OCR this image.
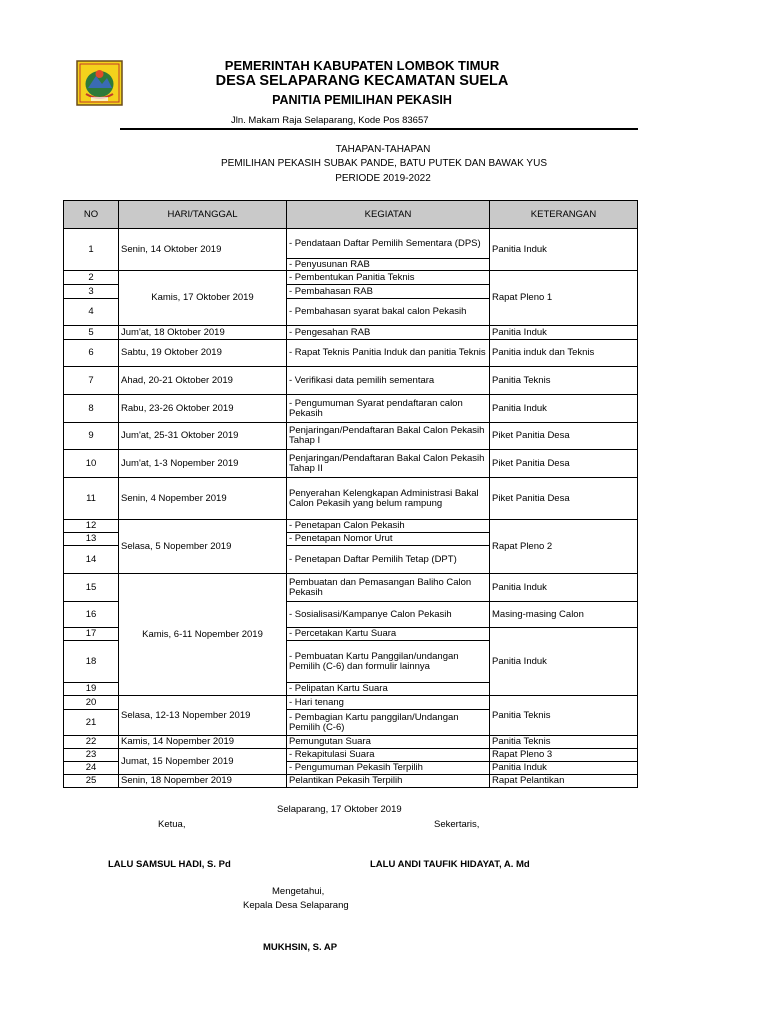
PEMERINTAH KABUPATEN LOMBOK TIMUR
DESA SELAPARANG KECAMATAN SUELA
PANITIA PEMILIHAN PEKASIH
Jln. Makam Raja Selaparang, Kode Pos 83657
TAHAPAN-TAHAPAN
PEMILIHAN PEKASIH SUBAK PANDE, BATU PUTEK DAN BAWAK YUS
PERIODE 2019-2022
NO	HARI/TANGGAL	KEGIATAN	KETERANGAN
1	Senin, 14 Oktober 2019	- Pendataan Daftar Pemilih Sementara (DPS)	Panitia Induk
		- Penyusunan RAB	
2	Kamis, 17 Oktober 2019	- Pembentukan Panitia Teknis	Rapat Pleno 1
3		- Pembahasan RAB	
4		- Pembahasan syarat bakal calon Pekasih	
5	Jum'at, 18 Oktober 2019	- Pengesahan RAB	Panitia Induk
6	Sabtu, 19 Oktober 2019	- Rapat Teknis Panitia Induk dan panitia Teknis	Panitia induk dan Teknis
7	Ahad, 20-21 Oktober 2019	- Verifikasi data pemilih sementara	Panitia Teknis
8	Rabu, 23-26 Oktober 2019	- Pengumuman Syarat pendaftaran calon Pekasih	Panitia Induk
9	Jum'at, 25-31 Oktober 2019	Penjaringan/Pendaftaran Bakal Calon Pekasih Tahap I	Piket Panitia Desa
10	Jum'at, 1-3 Nopember 2019	Penjaringan/Pendaftaran Bakal Calon Pekasih Tahap II	Piket Panitia Desa
11	Senin, 4 Nopember 2019	Penyerahan Kelengkapan Administrasi Bakal Calon Pekasih yang belum rampung	Piket Panitia Desa
12	Selasa, 5 Nopember 2019	- Penetapan Calon Pekasih	Rapat Pleno 2
13		- Penetapan Nomor Urut	
14		- Penetapan Daftar Pemilih Tetap (DPT)	
15	Kamis, 6-11 Nopember 2019	Pembuatan dan Pemasangan Baliho Calon Pekasih	Panitia Induk
16		- Sosialisasi/Kampanye Calon Pekasih	Masing-masing Calon
17		- Percetakan Kartu Suara	Panitia Induk
18		- Pembuatan Kartu Panggilan/undangan Pemilih (C-6) dan formulir lainnya	
19		- Pelipatan Kartu Suara	
20	Selasa, 12-13 Nopember 2019	- Hari tenang	Panitia Teknis
21		- Pembagian Kartu panggilan/Undangan Pemilih (C-6)	
22	Kamis, 14 Nopember 2019	Pemungutan Suara	Panitia Teknis
23	Jumat, 15 Nopember 2019	- Rekapitulasi Suara	Rapat Pleno 3
24		- Pengumuman Pekasih Terpilih	Panitia Induk
25	Senin, 18 Nopember 2019	Pelantikan Pekasih Terpilih	Rapat Pelantikan
Selaparang, 17 Oktober 2019
Ketua,	Sekertaris,
LALU SAMSUL HADI, S. Pd	LALU ANDI TAUFIK HIDAYAT, A. Md
Mengetahui,
Kepala Desa Selaparang
MUKHSIN, S. AP
